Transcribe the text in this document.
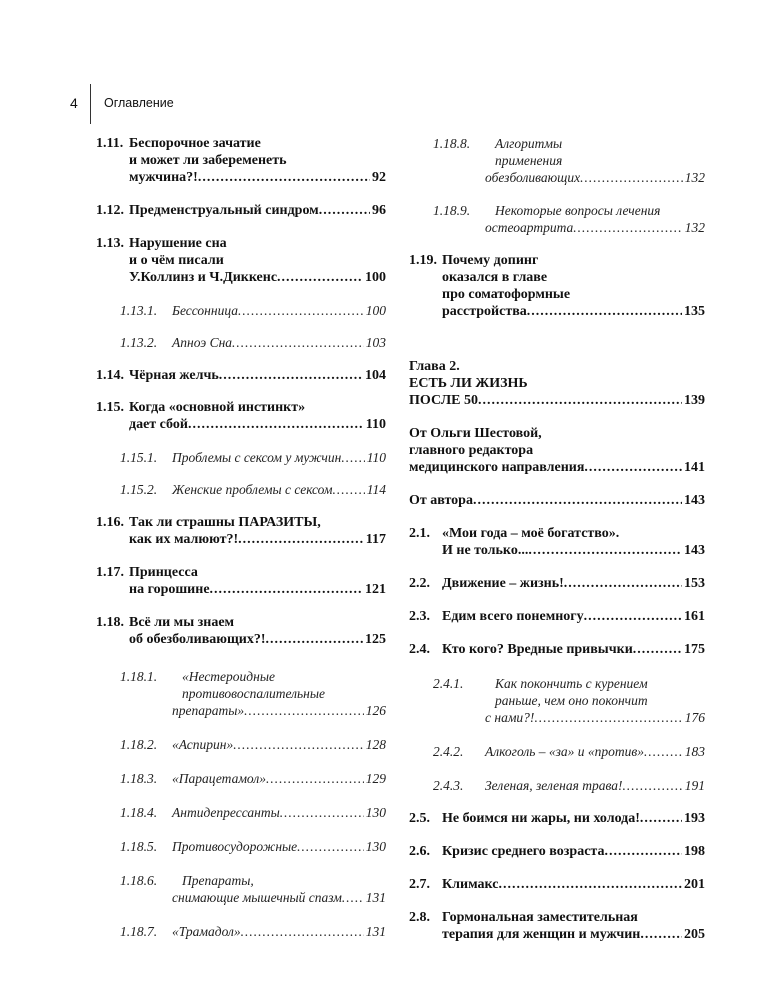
4 Оглавление
1.11. Беспорочное зачатие
и может ли забеременеть
мужчина?! .....	92
1.12. Предменструальный синдром .....	96
1.13. Нарушение сна
и о чём писали
У.Коллинз и Ч.Диккенс .....	100
1.13.1.	Бессонница .....	100
1.13.2.	Апноэ Сна .....	103
1.14. Чёрная желчь .....	104
1.15. Когда «основной инстинкт»
дает сбой .....	110
1.15.1.	Проблемы с сексом у мужчин ..... 110
1.15.2.	Женские проблемы с сексом .....	114
1.16. Так ли страшны ПАРАЗИТЫ,
как их малюют?! .....	117
1.17. Принцесса
на горошине .....	121
1.18. Всё ли мы знаем
об обезболивающих?! .....	125
1.18.1.	«Нестероидные
противовоспалительные
препараты» .....	126
1.18.2.	«Аспирин» .....	128
1.18.3.	«Парацетамол» .....	129
1.18.4.	Антидепрессанты .....	130
1.18.5.	Противосудорожные .....	130
1.18.6.	Препараты,
снимающие мышечный спазм ..... 131
1.18.7.	«Трамадол» .....	131
1.18.8.	Алгоритмы
применения
обезболивающих .....	132
1.18.9.	Некоторые вопросы лечения
остеоартрита .....	132
1.19. Почему допинг
оказался в главе
про соматоформные
расстройства .....	135
Глава 2.
ЕСТЬ ЛИ ЖИЗНЬ
ПОСЛЕ 50 .....	139
От Ольги Шестовой,
главного редактора
медицинского направления .....	141
От автора .....	143
2.1. «Мои года – моё богатство».
И не только... .....	143
2.2. Движение – жизнь! .....	153
2.3. Едим всего понемногу .....	161
2.4. Кто кого? Вредные привычки .....	175
2.4.1.	Как покончить с курением
раньше, чем оно покончит
с нами?! .....	176
2.4.2.	Алкоголь – «за» и «против» .....	183
2.4.3.	Зеленая, зеленая трава! .....	191
2.5. Не боимся ни жары, ни холода! .....	193
2.6. Кризис среднего возраста .....	198
2.7. Климакс .....	201
2.8. Гормональная заместительная
терапия для женщин и мужчин .....	205
